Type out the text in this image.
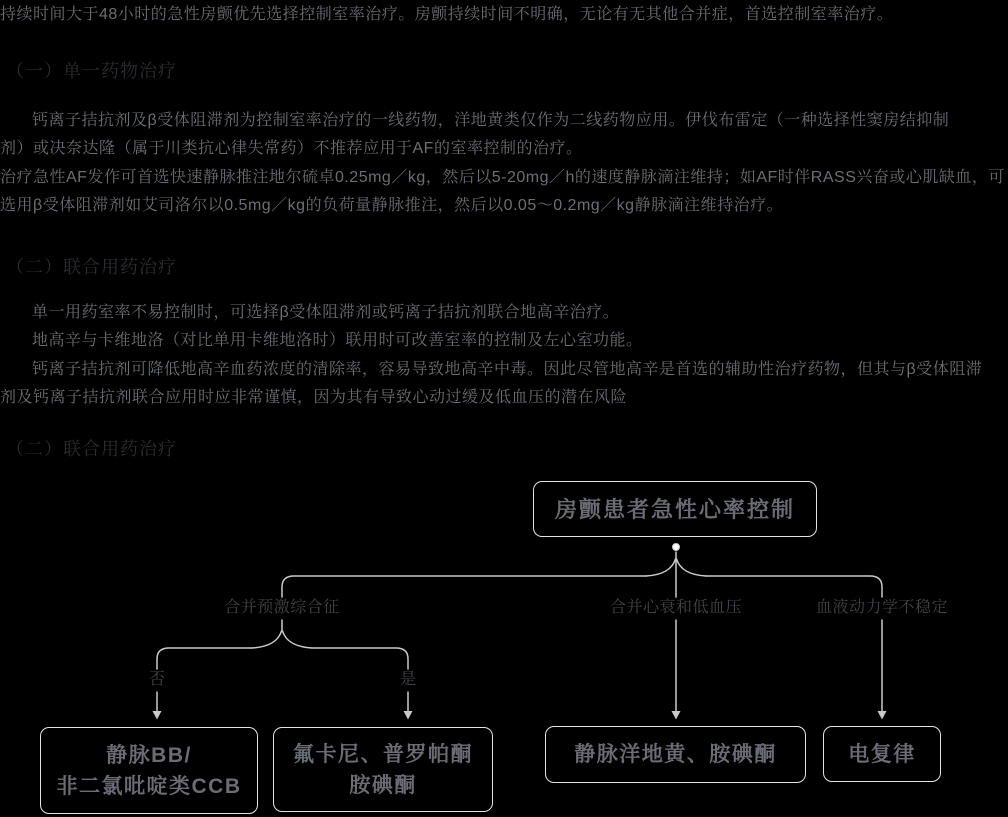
持续时间大于48小时的急性房颤优先选择控制室率治疗。房颤持续时间不明确，无论有无其他合并症，首选控制室率治疗。
（一）单一药物治疗
钙离子拮抗剂及β受体阻滞剂为控制室率治疗的一线药物，洋地黄类仅作为二线药物应用。伊伐布雷定（一种选择性窦房结抑制剂）或决奈达隆（属于川类抗心律失常药）不推荐应用于AF的室率控制的治疗。
治疗急性AF发作可首选快速静脉推注地尔硫卓0.25mg／kg，然后以5-20mg／h的速度静脉滴注维持；如AF时伴RASS兴奋或心肌缺血，可选用β受体阻滞剂如艾司洛尔以0.5mg／kg的负荷量静脉推注，然后以0.05～0.2mg／kg静脉滴注维持治疗。
（二）联合用药治疗
单一用药室率不易控制时，可选择β受体阻滞剂或钙离子拮抗剂联合地高辛治疗。
地高辛与卡维地洛（对比单用卡维地洛时）联用时可改善室率的控制及左心室功能。
钙离子拮抗剂可降低地高辛血药浓度的清除率，容易导致地高辛中毒。因此尽管地高辛是首选的辅助性治疗药物，但其与β受体阻滞剂及钙离子拮抗剂联合应用时应非常谨慎，因为其有导致心动过缓及低血压的潜在风险
（二）联合用药治疗
房颤患者急性心率控制
合并预激综合征	合并心衰和低血压	血液动力学不稳定
否	是
静脉BB/
非二氯吡啶类CCB
氟卡尼、普罗帕酮
胺碘酮
静脉洋地黄、胺碘酮	电复律
